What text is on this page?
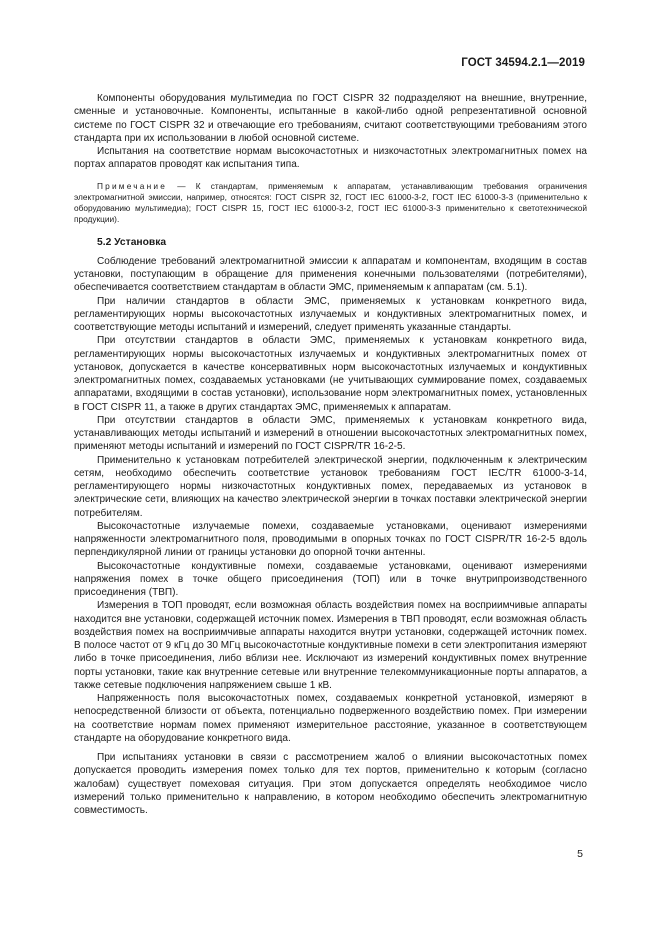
ГОСТ 34594.2.1—2019

Компоненты оборудования мультимедиа по ГОСТ CISPR 32 подразделяют на внешние, внутренние, сменные и установочные. Компоненты, испытанные в какой-либо одной репрезентативной основной системе по ГОСТ CISPR 32 и отвечающие его требованиям, считают соответствующими требованиям этого стандарта при их использовании в любой основной системе.

Испытания на соответствие нормам высокочастотных и низкочастотных электромагнитных помех на портах аппаратов проводят как испытания типа.

Примечание — К стандартам, применяемым к аппаратам, устанавливающим требования ограничения электромагнитной эмиссии, например, относятся: ГОСТ CISPR 32, ГОСТ IEC 61000-3-2, ГОСТ IEC 61000-3-3 (применительно к оборудованию мультимедиа); ГОСТ CISPR 15, ГОСТ IEC 61000-3-2, ГОСТ IEC 61000-3-3 применительно к светотехнической продукции).

5.2 Установка

Соблюдение требований электромагнитной эмиссии к аппаратам и компонентам, входящим в состав установки, поступающим в обращение для применения конечными пользователями (потребителями), обеспечивается соответствием стандартам в области ЭМС, применяемым к аппаратам (см. 5.1).

При наличии стандартов в области ЭМС, применяемых к установкам конкретного вида, регламентирующих нормы высокочастотных излучаемых и кондуктивных электромагнитных помех, и соответствующие методы испытаний и измерений, следует применять указанные стандарты.

При отсутствии стандартов в области ЭМС, применяемых к установкам конкретного вида, регламентирующих нормы высокочастотных излучаемых и кондуктивных электромагнитных помех от установок, допускается в качестве консервативных норм высокочастотных излучаемых и кондуктивных электромагнитных помех, создаваемых установками (не учитывающих суммирование помех, создаваемых аппаратами, входящими в состав установки), использование норм электромагнитных помех, установленных в ГОСТ CISPR 11, а также в других стандартах ЭМС, применяемых к аппаратам.

При отсутствии стандартов в области ЭМС, применяемых к установкам конкретного вида, устанавливающих методы испытаний и измерений в отношении высокочастотных электромагнитных помех, применяют методы испытаний и измерений по ГОСТ CISPR/TR 16-2-5.

Применительно к установкам потребителей электрической энергии, подключенным к электрическим сетям, необходимо обеспечить соответствие установок требованиям ГОСТ IEC/TR 61000-3-14, регламентирующего нормы низкочастотных кондуктивных помех, передаваемых из установок в электрические сети, влияющих на качество электрической энергии в точках поставки электрической энергии потребителям.

Высокочастотные излучаемые помехи, создаваемые установками, оценивают измерениями напряженности электромагнитного поля, проводимыми в опорных точках по ГОСТ CISPR/TR 16-2-5 вдоль перпендикулярной линии от границы установки до опорной точки антенны.

Высокочастотные кондуктивные помехи, создаваемые установками, оценивают измерениями напряжения помех в точке общего присоединения (ТОП) или в точке внутрипроизводственного присоединения (ТВП).

Измерения в ТОП проводят, если возможная область воздействия помех на восприимчивые аппараты находится вне установки, содержащей источник помех. Измерения в ТВП проводят, если возможная область воздействия помех на восприимчивые аппараты находится внутри установки, содержащей источник помех. В полосе частот от 9 кГц до 30 МГц высокочастотные кондуктивные помехи в сети электропитания измеряют либо в точке присоединения, либо вблизи нее. Исключают из измерений кондуктивных помех внутренние порты установки, такие как внутренние сетевые или внутренние телекоммуникационные порты аппаратов, а также сетевые подключения напряжением свыше 1 кВ.

Напряженность поля высокочастотных помех, создаваемых конкретной установкой, измеряют в непосредственной близости от объекта, потенциально подверженного воздействию помех. При измерении на соответствие нормам помех применяют измерительное расстояние, указанное в соответствующем стандарте на оборудование конкретного вида.

При испытаниях установки в связи с рассмотрением жалоб о влиянии высокочастотных помех допускается проводить измерения помех только для тех портов, применительно к которым (согласно жалобам) существует помеховая ситуация. При этом допускается определять необходимое число измерений только применительно к направлению, в котором необходимо обеспечить электромагнитную совместимость.

5
